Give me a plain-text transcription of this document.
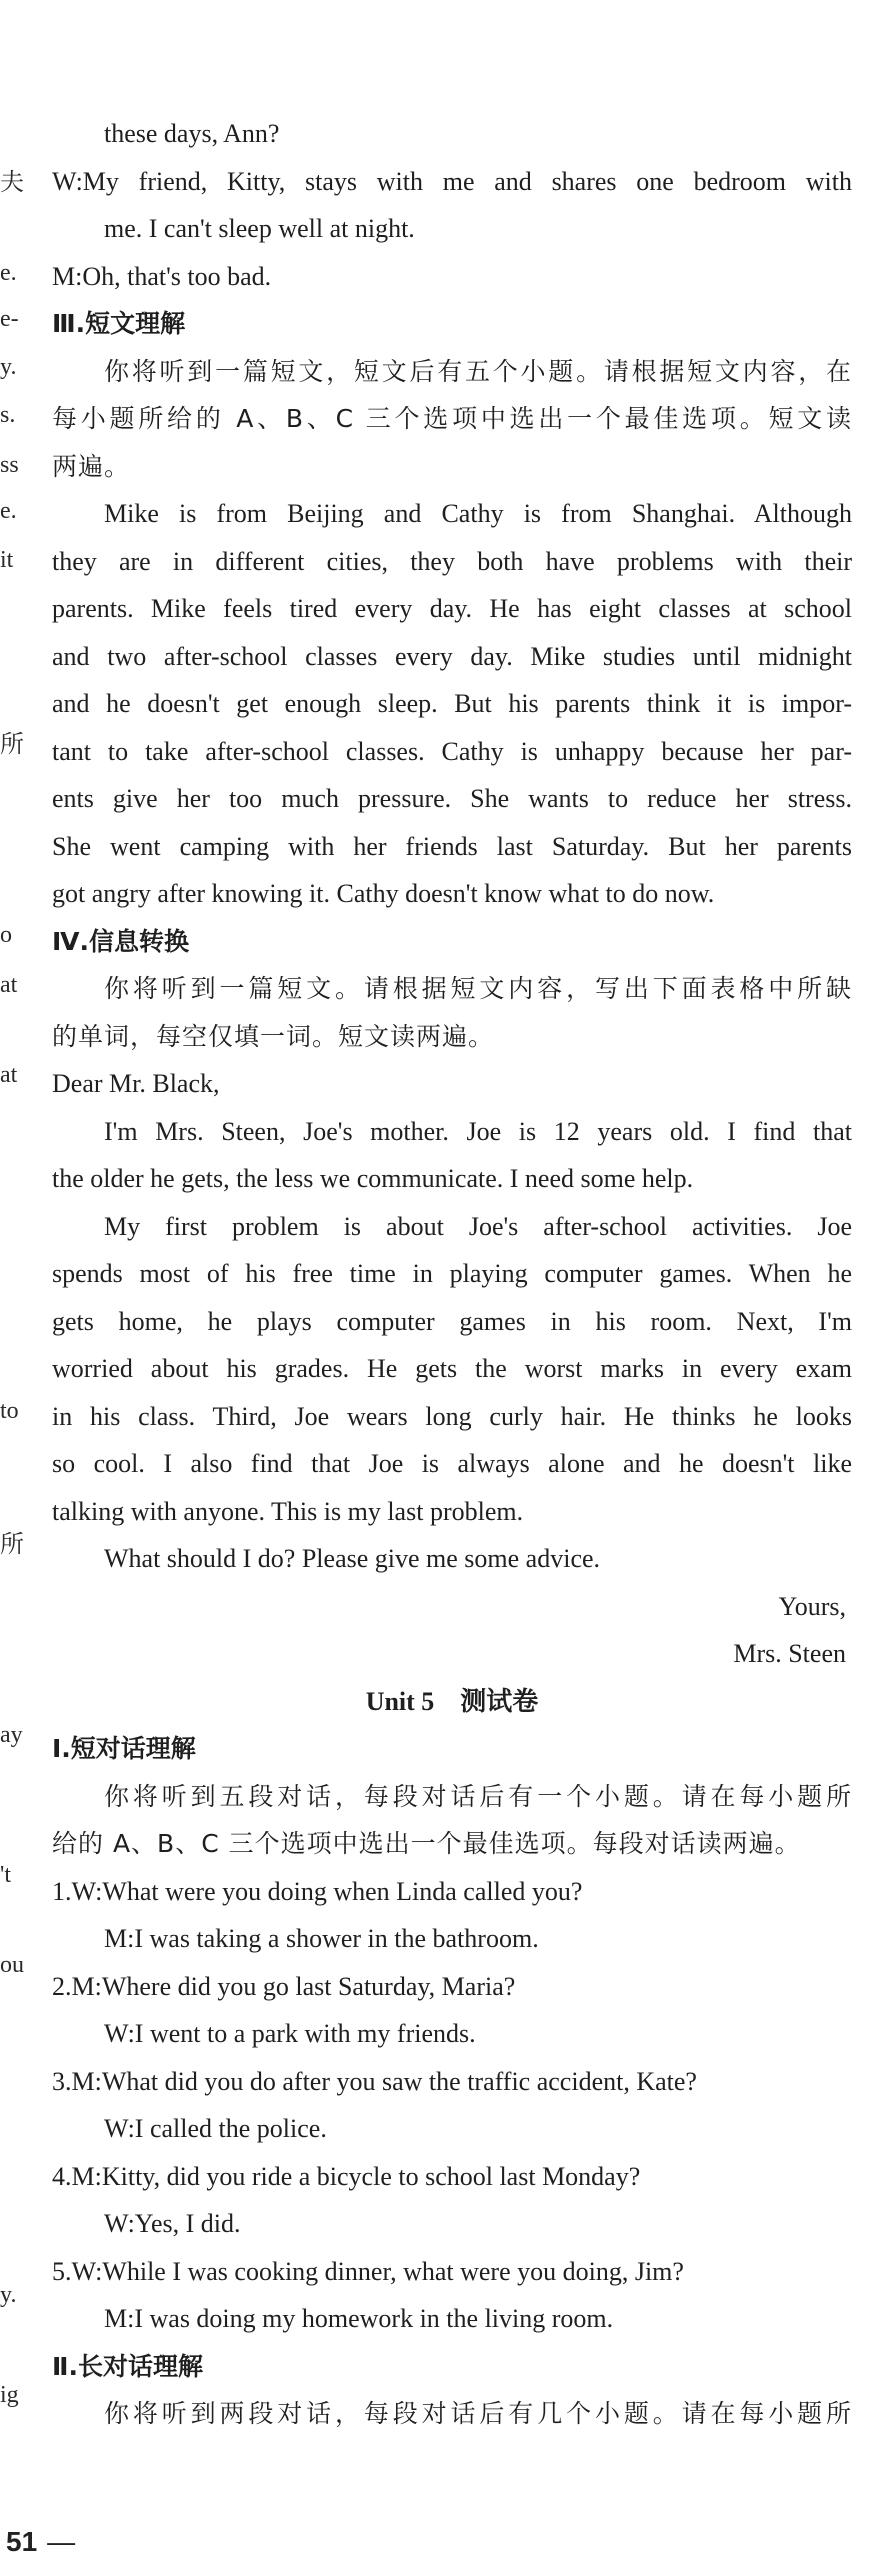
夫
e.
e-
y.
s.
ss
e.
it
所
o
at
at
to
所
ay
't
ou
y.
ig
these days, Ann?
W:My friend, Kitty, stays with me and shares one bedroom with
me. I can't sleep well at night.
M:Oh, that's too bad.
Ⅲ.短文理解
你将听到一篇短文，短文后有五个小题。请根据短文内容，在
每小题所给的 A、B、C 三个选项中选出一个最佳选项。短文读
两遍。
Mike is from Beijing and Cathy is from Shanghai. Although
they are in different cities, they both have problems with their
parents. Mike feels tired every day. He has eight classes at school
and two after-school classes every day. Mike studies until midnight
and he doesn't get enough sleep. But his parents think it is impor-
tant to take after-school classes. Cathy is unhappy because her par-
ents give her too much pressure. She wants to reduce her stress.
She went camping with her friends last Saturday. But her parents
got angry after knowing it. Cathy doesn't know what to do now.
Ⅳ.信息转换
你将听到一篇短文。请根据短文内容，写出下面表格中所缺
的单词，每空仅填一词。短文读两遍。
Dear Mr. Black,
I'm Mrs. Steen, Joe's mother. Joe is 12 years old. I find that
the older he gets, the less we communicate. I need some help.
My first problem is about Joe's after-school activities. Joe
spends most of his free time in playing computer games. When he
gets home, he plays computer games in his room. Next, I'm
worried about his grades. He gets the worst marks in every exam
in his class. Third, Joe wears long curly hair. He thinks he looks
so cool. I also find that Joe is always alone and he doesn't like
talking with anyone. This is my last problem.
What should I do? Please give me some advice.
Yours,
Mrs. Steen
Unit 5　测试卷
Ⅰ.短对话理解
你将听到五段对话，每段对话后有一个小题。请在每小题所
给的 A、B、C 三个选项中选出一个最佳选项。每段对话读两遍。
1.W:What were you doing when Linda called you?
M:I was taking a shower in the bathroom.
2.M:Where did you go last Saturday, Maria?
W:I went to a park with my friends.
3.M:What did you do after you saw the traffic accident, Kate?
W:I called the police.
4.M:Kitty, did you ride a bicycle to school last Monday?
W:Yes, I did.
5.W:While I was cooking dinner, what were you doing, Jim?
M:I was doing my homework in the living room.
Ⅱ.长对话理解
你将听到两段对话，每段对话后有几个小题。请在每小题所
51 —
